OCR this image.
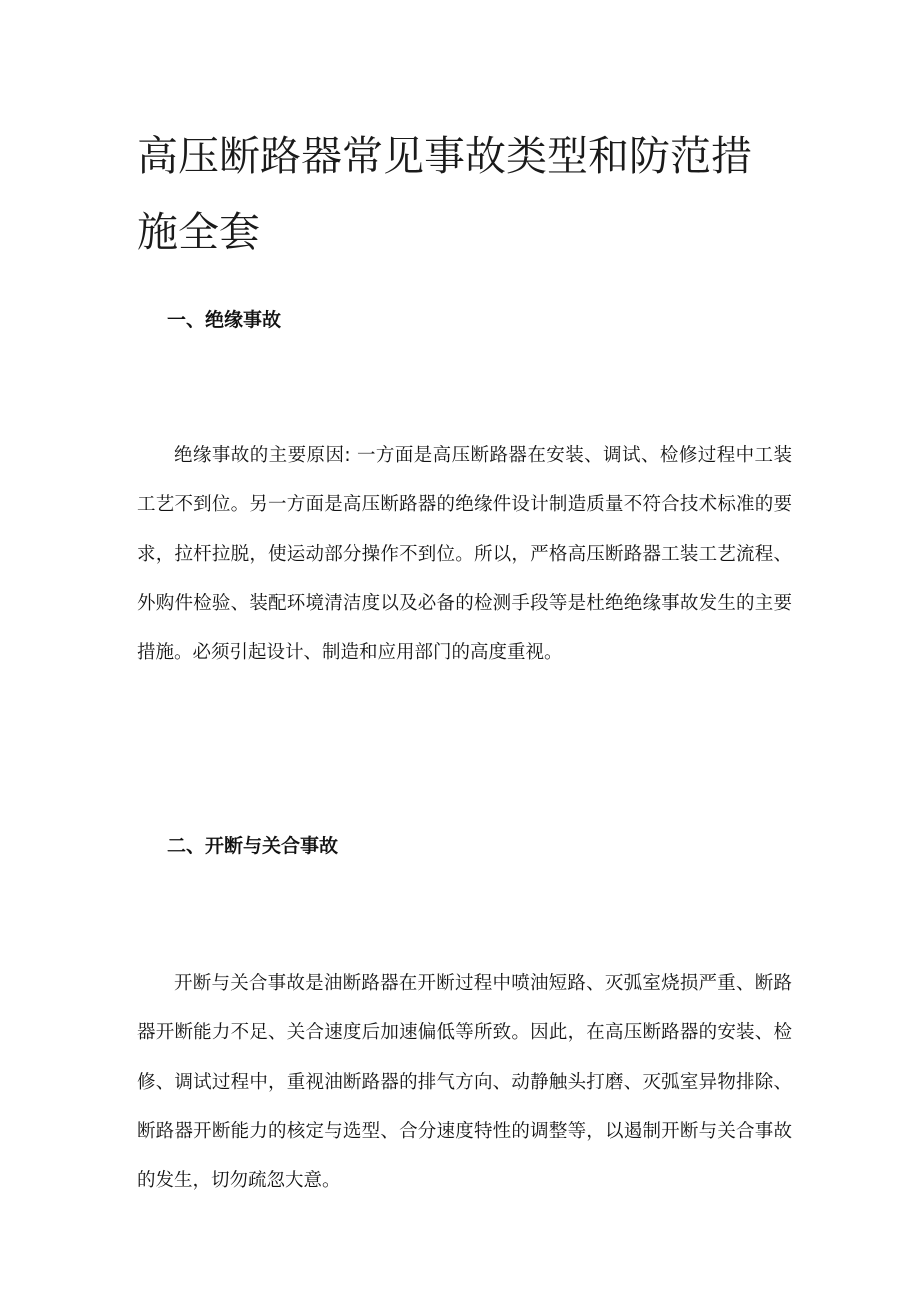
高压断路器常见事故类型和防范措施全套
一、绝缘事故

绝缘事故的主要原因: 一方面是高压断路器在安装、调试、检修过程中工装工艺不到位。另一方面是高压断路器的绝缘件设计制造质量不符合技术标准的要求，拉杆拉脱，使运动部分操作不到位。所以，严格高压断路器工装工艺流程、外购件检验、装配环境清洁度以及必备的检测手段等是杜绝绝缘事故发生的主要措施。必须引起设计、制造和应用部门的高度重视。

二、开断与关合事故

开断与关合事故是油断路器在开断过程中喷油短路、灭弧室烧损严重、断路器开断能力不足、关合速度后加速偏低等所致。因此，在高压断路器的安装、检修、调试过程中，重视油断路器的排气方向、动静触头打磨、灭弧室异物排除、断路器开断能力的核定与选型、合分速度特性的调整等，以遏制开断与关合事故的发生，切勿疏忽大意。
